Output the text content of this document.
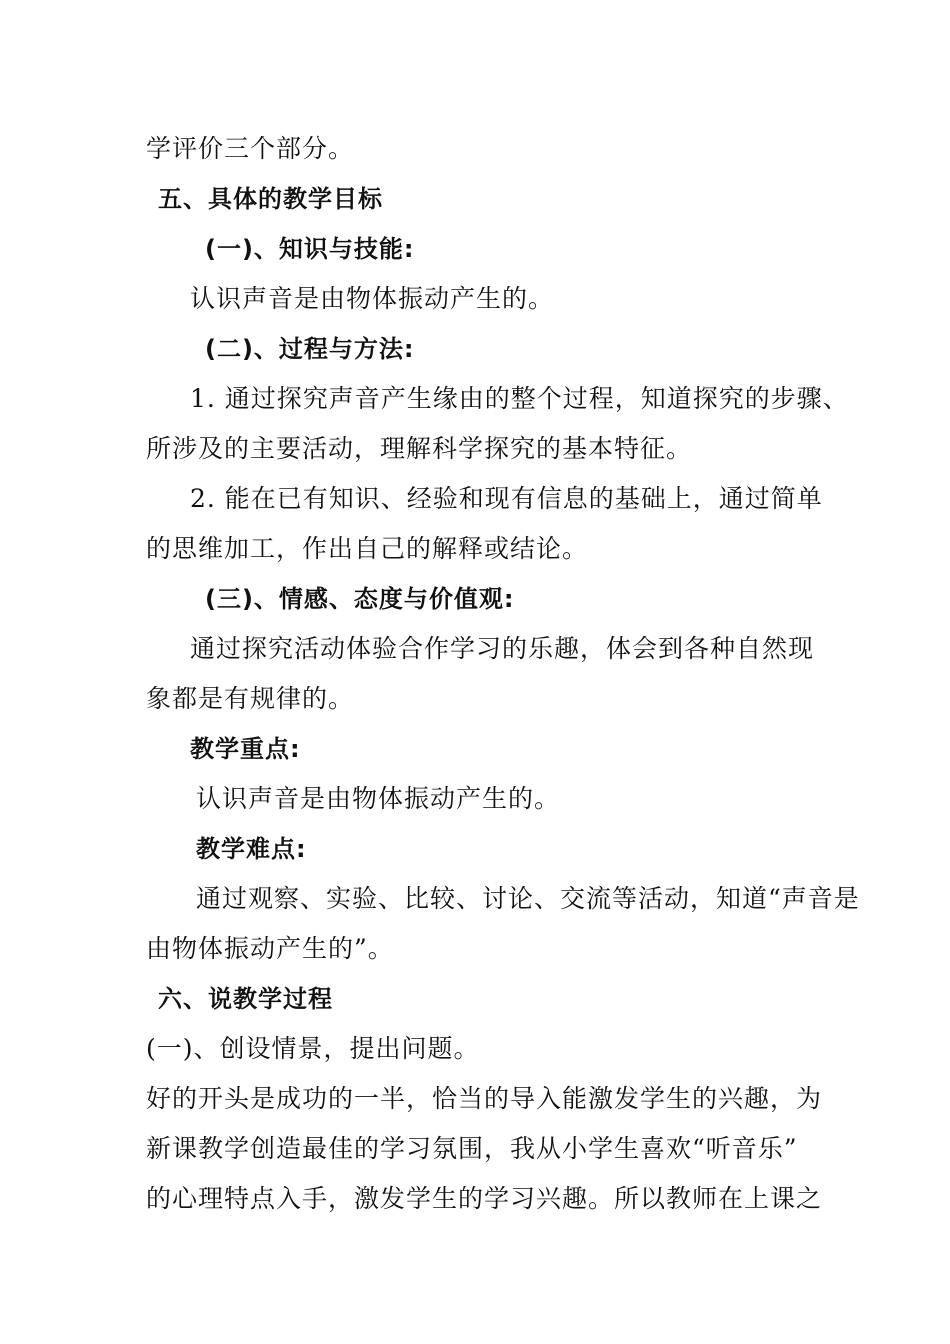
学评价三个部分。
五、具体的教学目标
(一)、知识与技能:
认识声音是由物体振动产生的。
(二)、过程与方法:
1. 通过探究声音产生缘由的整个过程，知道探究的步骤、
所涉及的主要活动，理解科学探究的基本特征。
2. 能在已有知识、经验和现有信息的基础上，通过简单
的思维加工，作出自己的解释或结论。
(三)、情感、态度与价值观:
通过探究活动体验合作学习的乐趣，体会到各种自然现
象都是有规律的。
教学重点:
认识声音是由物体振动产生的。
教学难点:
通过观察、实验、比较、讨论、交流等活动，知道“声音是
由物体振动产生的”。
六、说教学过程
(一)、创设情景，提出问题。
好的开头是成功的一半，恰当的导入能激发学生的兴趣，为
新课教学创造最佳的学习氛围，我从小学生喜欢“听音乐”
的心理特点入手，激发学生的学习兴趣。所以教师在上课之
